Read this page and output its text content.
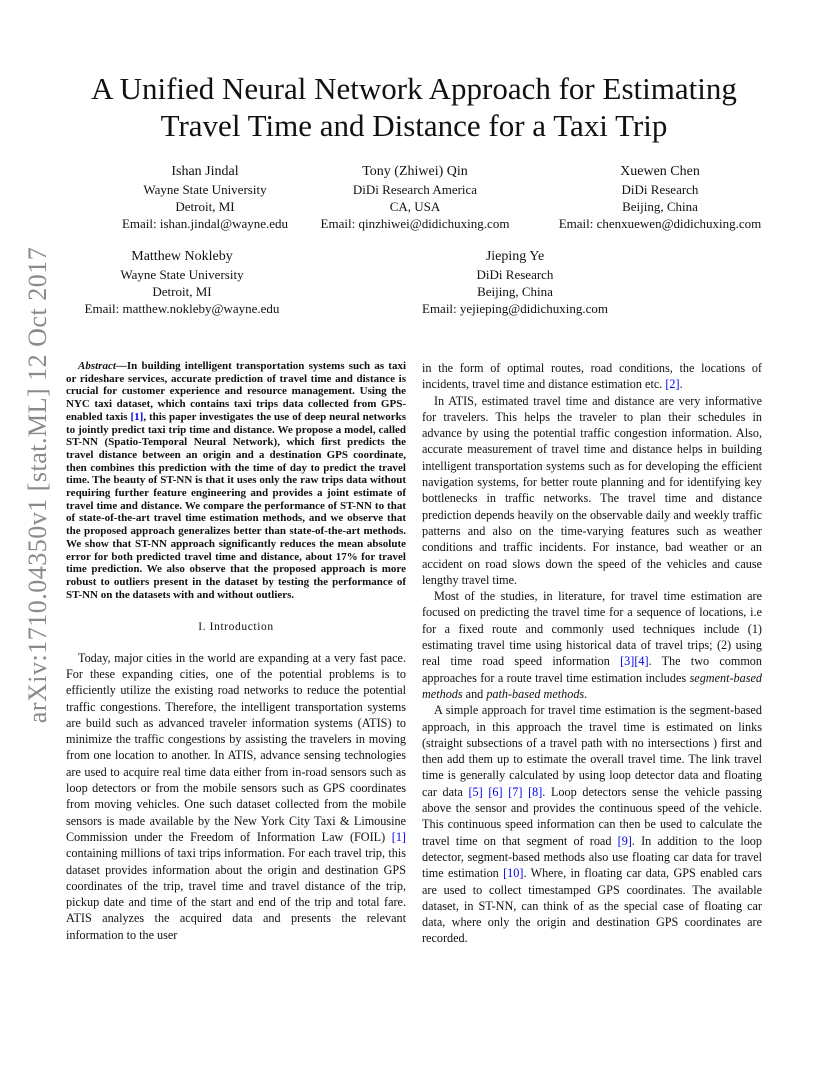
arXiv:1710.04350v1 [stat.ML] 12 Oct 2017
A Unified Neural Network Approach for Estimating Travel Time and Distance for a Taxi Trip
Ishan Jindal
Wayne State University
Detroit, MI
Email: ishan.jindal@wayne.edu
Tony (Zhiwei) Qin
DiDi Research America
CA, USA
Email: qinzhiwei@didichuxing.com
Xuewen Chen
DiDi Research
Beijing, China
Email: chenxuewen@didichuxing.com
Matthew Nokleby
Wayne State University
Detroit, MI
Email: matthew.nokleby@wayne.edu
Jieping Ye
DiDi Research
Beijing, China
Email: yejieping@didichuxing.com

Abstract—In building intelligent transportation systems such as taxi or rideshare services, accurate prediction of travel time and distance is crucial for customer experience and resource management. Using the NYC taxi dataset, which contains taxi trips data collected from GPS-enabled taxis [1], this paper investigates the use of deep neural networks to jointly predict taxi trip time and distance. We propose a model, called ST-NN (Spatio-Temporal Neural Network), which first predicts the travel distance between an origin and a destination GPS coordinate, then combines this prediction with the time of day to predict the travel time. The beauty of ST-NN is that it uses only the raw trips data without requiring further feature engineering and provides a joint estimate of travel time and distance. We compare the performance of ST-NN to that of state-of-the-art travel time estimation methods, and we observe that the proposed approach generalizes better than state-of-the-art methods. We show that ST-NN approach significantly reduces the mean absolute error for both predicted travel time and distance, about 17% for travel time prediction. We also observe that the proposed approach is more robust to outliers present in the dataset by testing the performance of ST-NN on the datasets with and without outliers.

I. Introduction

Today, major cities in the world are expanding at a very fast pace. For these expanding cities, one of the potential problems is to efficiently utilize the existing road networks to reduce the potential traffic congestions. Therefore, the intelligent transportation systems are build such as advanced traveler information systems (ATIS) to minimize the traffic congestions by assisting the travelers in moving from one location to another. In ATIS, advance sensing technologies are used to acquire real time data either from in-road sensors such as loop detectors or from the mobile sensors such as GPS coordinates from moving vehicles. One such dataset collected from the mobile sensors is made available by the New York City Taxi & Limousine Commission under the Freedom of Information Law (FOIL) [1] containing millions of taxi trips information. For each travel trip, this dataset provides information about the origin and destination GPS coordinates of the trip, travel time and travel distance of the trip, pickup date and time of the start and end of the trip and total fare. ATIS analyzes the acquired data and presents the relevant information to the user

in the form of optimal routes, road conditions, the locations of incidents, travel time and distance estimation etc. [2].

In ATIS, estimated travel time and distance are very informative for travelers. This helps the traveler to plan their schedules in advance by using the potential traffic congestion information. Also, accurate measurement of travel time and distance helps in building intelligent transportation systems such as for developing the efficient navigation systems, for better route planning and for identifying key bottlenecks in traffic networks. The travel time and distance prediction depends heavily on the observable daily and weekly traffic patterns and also on the time-varying features such as weather conditions and traffic incidents. For instance, bad weather or an accident on road slows down the speed of the vehicles and cause lengthy travel time.

Most of the studies, in literature, for travel time estimation are focused on predicting the travel time for a sequence of locations, i.e for a fixed route and commonly used techniques include (1) estimating travel time using historical data of travel trips; (2) using real time road speed information [3][4]. The two common approaches for a route travel time estimation includes segment-based methods and path-based methods.

A simple approach for travel time estimation is the segment-based approach, in this approach the travel time is estimated on links (straight subsections of a travel path with no intersections ) first and then add them up to estimate the overall travel time. The link travel time is generally calculated by using loop detector data and floating car data [5] [6] [7] [8]. Loop detectors sense the vehicle passing above the sensor and provides the continuous speed of the vehicle. This continuous speed information can then be used to calculate the travel time on that segment of road [9]. In addition to the loop detector, segment-based methods also use floating car data for travel time estimation [10]. Where, in floating car data, GPS enabled cars are used to collect timestamped GPS coordinates. The available dataset, in ST-NN, can think of as the special case of floating car data, where only the origin and destination GPS coordinates are recorded.
